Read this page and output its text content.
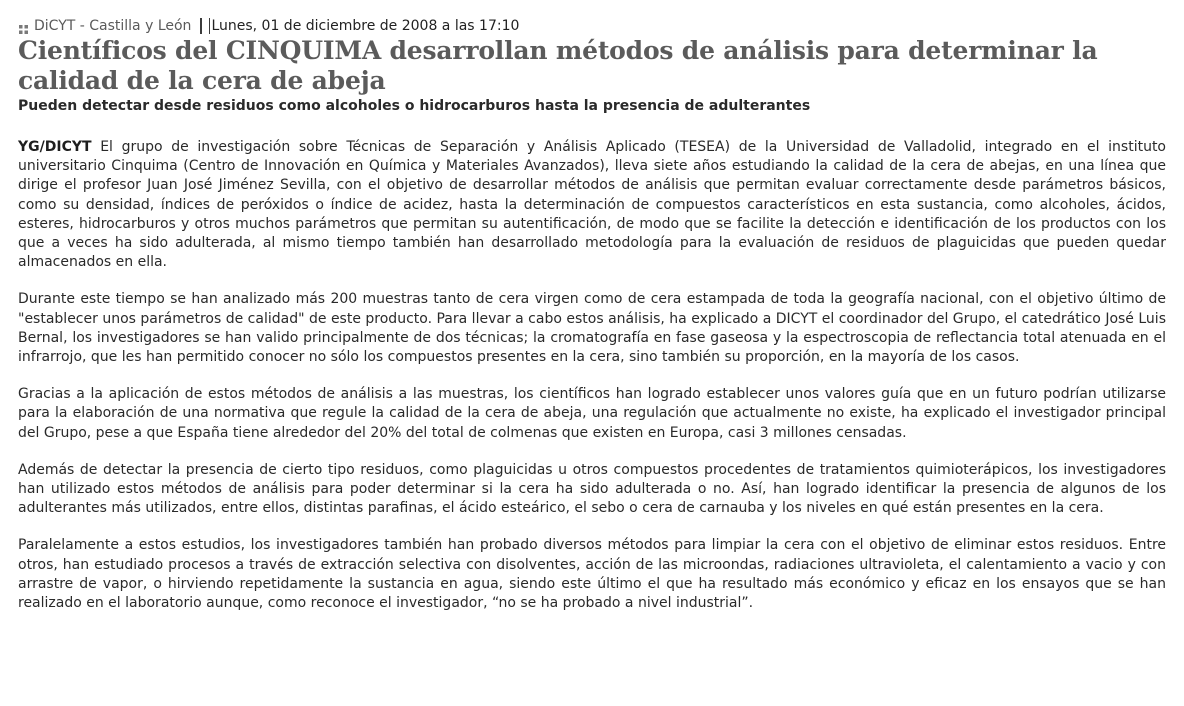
DiCYT - Castilla y León Lunes, 01 de diciembre de 2008 a las 17:10
Científicos del CINQUIMA desarrollan métodos de análisis para determinar la calidad de la cera de abeja
Pueden detectar desde residuos como alcoholes o hidrocarburos hasta la presencia de adulterantes

YG/DICYT El grupo de investigación sobre Técnicas de Separación y Análisis Aplicado (TESEA) de la Universidad de Valladolid, integrado en el instituto universitario Cinquima (Centro de Innovación en Química y Materiales Avanzados), lleva siete años estudiando la calidad de la cera de abejas, en una línea que dirige el profesor Juan José Jiménez Sevilla, con el objetivo de desarrollar métodos de análisis que permitan evaluar correctamente desde parámetros básicos, como su densidad, índices de peróxidos o índice de acidez, hasta la determinación de compuestos característicos en esta sustancia, como alcoholes, ácidos, esteres, hidrocarburos y otros muchos parámetros que permitan su autentificación, de modo que se facilite la detección e identificación de los productos con los que a veces ha sido adulterada, al mismo tiempo también han desarrollado metodología para la evaluación de residuos de plaguicidas que pueden quedar almacenados en ella.

Durante este tiempo se han analizado más 200 muestras tanto de cera virgen como de cera estampada de toda la geografía nacional, con el objetivo último de "establecer unos parámetros de calidad" de este producto. Para llevar a cabo estos análisis, ha explicado a DICYT el coordinador del Grupo, el catedrático José Luis Bernal, los investigadores se han valido principalmente de dos técnicas; la cromatografía en fase gaseosa y la espectroscopia de reflectancia total atenuada en el infrarrojo, que les han permitido conocer no sólo los compuestos presentes en la cera, sino también su proporción, en la mayoría de los casos.

Gracias a la aplicación de estos métodos de análisis a las muestras, los científicos han logrado establecer unos valores guía que en un futuro podrían utilizarse para la elaboración de una normativa que regule la calidad de la cera de abeja, una regulación que actualmente no existe, ha explicado el investigador principal del Grupo, pese a que España tiene alrededor del 20% del total de colmenas que existen en Europa, casi 3 millones censadas.

Además de detectar la presencia de cierto tipo residuos, como plaguicidas u otros compuestos procedentes de tratamientos quimioterápicos, los investigadores han utilizado estos métodos de análisis para poder determinar si la cera ha sido adulterada o no. Así, han logrado identificar la presencia de algunos de los adulterantes más utilizados, entre ellos, distintas parafinas, el ácido esteárico, el sebo o cera de carnauba y los niveles en qué están presentes en la cera.

Paralelamente a estos estudios, los investigadores también han probado diversos métodos para limpiar la cera con el objetivo de eliminar estos residuos. Entre otros, han estudiado procesos a través de extracción selectiva con disolventes, acción de las microondas, radiaciones ultravioleta, el calentamiento a vacio y con arrastre de vapor, o hirviendo repetidamente la sustancia en agua, siendo este último el que ha resultado más económico y eficaz en los ensayos que se han realizado en el laboratorio aunque, como reconoce el investigador, “no se ha probado a nivel industrial”.
